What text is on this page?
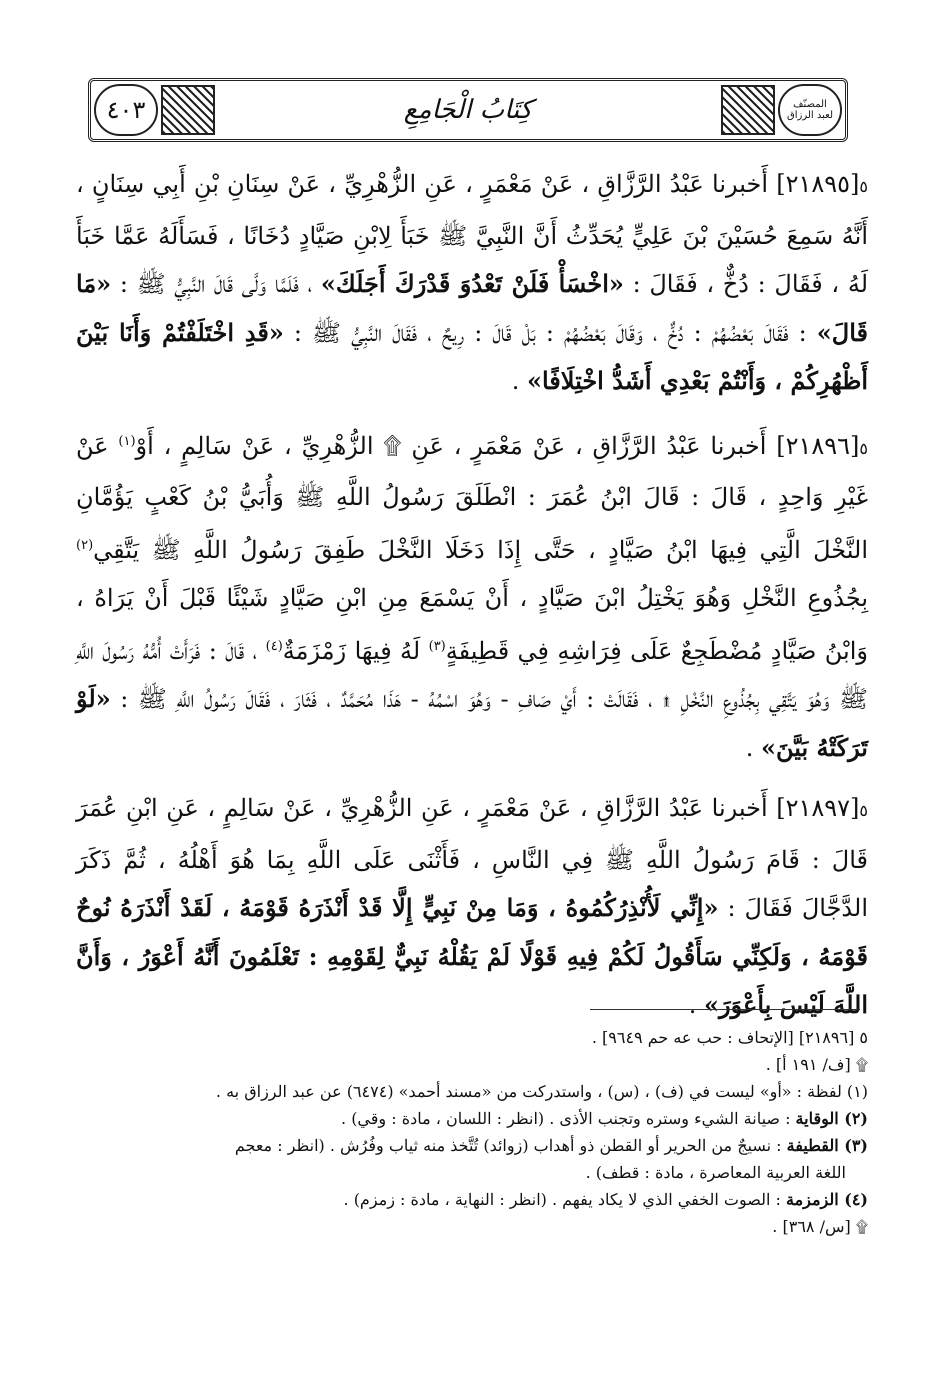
٤٠٣	كِتَابُ الْجَامِعِ	المصنّف
لعبد الرزاق

٥[٢١٨٩٥] أَخبرنا عَبْدُ الرَّزَّاقِ ، عَنْ مَعْمَرٍ ، عَنِ الزُّهْرِيِّ ، عَنْ سِنَانِ بْنِ أَبِي سِنَانٍ ، أَنَّهُ سَمِعَ حُسَيْنَ بْنَ عَلِيٍّ يُحَدِّثُ أَنَّ النَّبِيَّ ﷺ خَبَأَ لِابْنِ صَيَّادٍ دُخَانًا ، فَسَأَلَهُ عَمَّا خَبَأَ لَهُ ، فَقَالَ : دُخٌّ ، فَقَالَ : «اخْسَأْ فَلَنْ تَعْدُوَ قَدْرَكَ أَجَلَكَ» ، فَلَمَّا وَلَّى قَالَ النَّبِيُّ ﷺ : «مَا قَالَ» : فَقَالَ بَعْضُهُمْ : دُخٌّ ، وَقَالَ بَعْضُهُمْ : بَلْ قَالَ : رِيحٌ ، فَقَالَ النَّبِيُّ ﷺ : «قَدِ اخْتَلَفْتُمْ وَأَنَا بَيْنَ أَظْهُرِكُمْ ، وَأَنْتُمْ بَعْدِي أَشَدُّ اخْتِلَافًا» .

٥[٢١٨٩٦] أَخبرنا عَبْدُ الرَّزَّاقِ ، عَنْ مَعْمَرٍ ، عَنِ ۩ الزُّهْرِيِّ ، عَنْ سَالِمٍ ، أَوْ$^{(١)}$ عَنْ غَيْرِ وَاحِدٍ ، قَالَ : قَالَ ابْنُ عُمَرَ : انْطَلَقَ رَسُولُ اللَّهِ ﷺ وَأُبَيُّ بْنُ كَعْبٍ يَؤُمَّانِ النَّخْلَ الَّتِي فِيهَا ابْنُ صَيَّادٍ ، حَتَّى إِذَا دَخَلَا النَّخْلَ طَفِقَ رَسُولُ اللَّهِ ﷺ يَتَّقِي$^{(٢)}$ بِجُذُوعِ النَّخْلِ وَهُوَ يَخْتِلُ ابْنَ صَيَّادٍ ، أَنْ يَسْمَعَ مِنِ ابْنِ صَيَّادٍ شَيْئًا قَبْلَ أَنْ يَرَاهُ ، وَابْنُ صَيَّادٍ مُضْطَجِعٌ عَلَى فِرَاشِهِ فِي قَطِيفَةٍ$^{(٣)}$ لَهُ فِيهَا زَمْزَمَةٌ$^{(٤)}$ ، قَالَ : فَرَأَتْ أُمُّهُ رَسُولَ اللَّهِ ﷺ وَهُوَ يَتَّقِي بِجُذُوعِ النَّخْلِ ۩ ، فَقَالَتْ : أَيْ صَافِ - وَهُوَ اسْمُهُ - هَذَا مُحَمَّدٌ ، فَثَارَ ، فَقَالَ رَسُولُ اللَّهِ ﷺ : «لَوْ تَرَكَتْهُ بَيَّنَ» .

٥[٢١٨٩٧] أَخبرنا عَبْدُ الرَّزَّاقِ ، عَنْ مَعْمَرٍ ، عَنِ الزُّهْرِيِّ ، عَنْ سَالِمٍ ، عَنِ ابْنِ عُمَرَ قَالَ : قَامَ رَسُولُ اللَّهِ ﷺ فِي النَّاسِ ، فَأَثْنَى عَلَى اللَّهِ بِمَا هُوَ أَهْلُهُ ، ثُمَّ ذَكَرَ الدَّجَّالَ فَقَالَ : «إِنِّي لَأُنْذِرُكُمُوهُ ، وَمَا مِنْ نَبِيٍّ إِلَّا قَدْ أَنْذَرَهُ قَوْمَهُ ، لَقَدْ أَنْذَرَهُ نُوحٌ قَوْمَهُ ، وَلَكِنِّي سَأَقُولُ لَكُمْ فِيهِ قَوْلًا لَمْ يَقُلْهُ نَبِيٌّ لِقَوْمِهِ : تَعْلَمُونَ أَنَّهُ أَعْوَرُ ، وَأَنَّ اللَّهَ لَيْسَ بِأَعْوَرَ» .

٥ [٢١٨٩٦] [الإتحاف : حب عه حم ٩٦٤٩] .

۩ [ف/ ١٩١ أ] .

(١) لفظة : «أو» ليست في (ف) ، (س) ، واستدركت من «مسند أحمد» (٦٤٧٤) عن عبد الرزاق به .

(٢) الوقاية : صيانة الشيء وستره وتجنب الأذى . (انظر : اللسان ، مادة : وقي) .

(٣) القطيفة : نسيجٌ من الحرير أو القطن ذو أهداب (زوائد) تُتَّخذ منه ثياب وفُرُش . (انظر : معجم

اللغة العربية المعاصرة ، مادة : قطف) .

(٤) الزمزمة : الصوت الخفي الذي لا يكاد يفهم . (انظر : النهاية ، مادة : زمزم) .

۩ [س/ ٣٦٨] .
